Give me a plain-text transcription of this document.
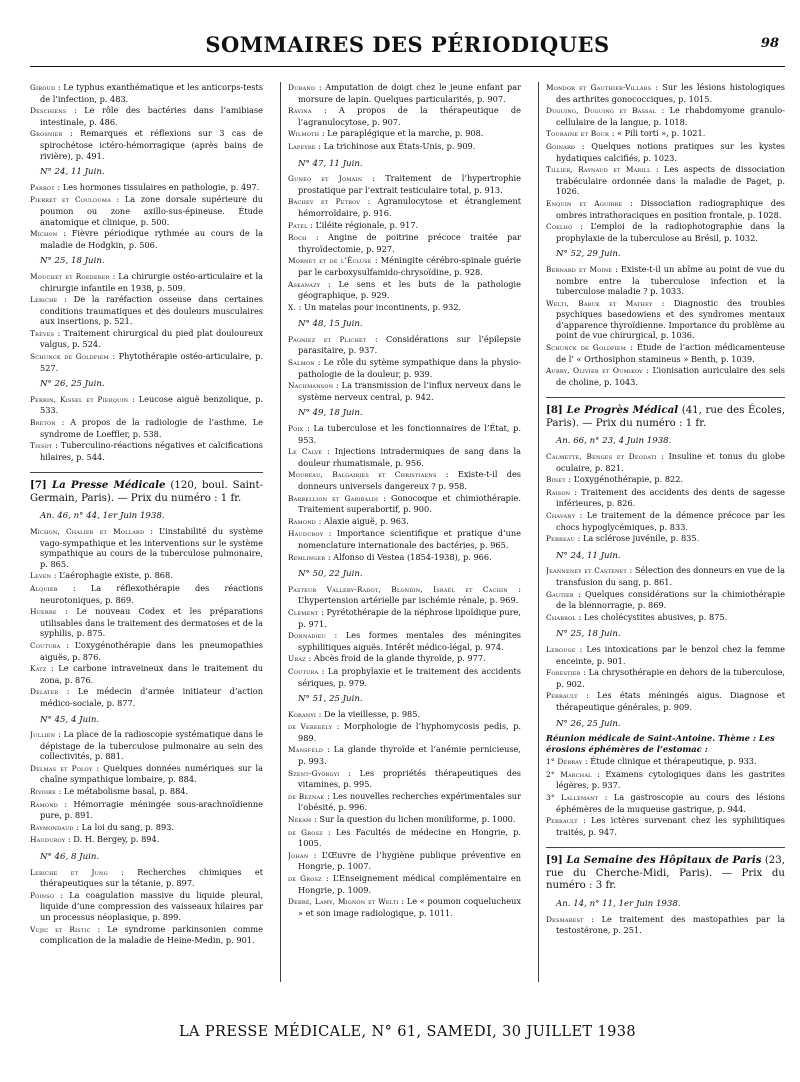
SOMMAIRES DES PÉRIODIQUES	98
Giroud : Le typhus exanthématique et les anticorps-tests de l’infection, p. 483.
Deschiens : Le rôle des bactéries dans l’amibiase intestinale, p. 486.
Grosnier : Remarques et réflexions sur 3 cas de spirochétose ictéro-hémorragique (après bains de rivière), p. 491.
N° 24, 11 Juin.
Parrot : Les hormones tissulaires en pathologie, p. 497.
Pierret et Coulouma : La zone dorsale supérieure du poumon ou zone axillo-sus-épineuse. Étude anatomique et clinique, p. 500.
Michon : Fièvre périodique rythmée au cours de la maladie de Hodgkin, p. 506.
N° 25, 18 Juin.
Mouchet et Roederer : La chirurgie ostéo-articulaire et la chirurgie infantile en 1938, p. 509.
Leriche : De la raréfaction osseuse dans certaines conditions traumatiques et des douleurs musculaires aux insertions, p. 521.
Trèves : Traitement chirurgical du pied plat douloureux valgus, p. 524.
Schunck de Goldfiem : Phytothérapie ostéo-articulaire, p. 527.
N° 26, 25 Juin.
Perrin, Kissel et Pierquin : Leucose aiguë benzolique, p. 533.
Breton : A propos de la radiologie de l’asthme. Le syndrome de Loeffler, p. 538.
Tissot : Tuberculino-réactions négatives et calcifications hilaires, p. 544.
[7] La Presse Médicale (120, boul. Saint-Germain, Paris). — Prix du numéro : 1 fr.
An. 46, n° 44, 1er Juin 1938.
Michon, Chalier et Mollard : L’instabilité du système vago-sympathique et les interventions sur le système sympathique au cours de la tuberculose pulmonaire, p. 865.
Leven : L’aérophagie existe, p. 868.
Alquier : La réflexothérapie des réactions neurotoniques, p. 869.
Huerre : Le nouveau Codex et les préparations utilisables dans le traitement des dermatoses et de la syphilis, p. 875.
Coutura : L’oxygénothérapie dans les pneumopathies aiguës, p. 876.
Katz : Le carbone intraveineux dans le traitement du zona, p. 876.
Delater : Le médecin d’armée initiateur d’action médico-sociale, p. 877.
N° 45, 4 Juin.
Jullien : La place de la radioscopie systématique dans le dépistage de la tuberculose pulmonaire au sein des collectivités, p. 881.
Delmas et Poloy : Quelques données numériques sur la chaîne sympathique lombaire, p. 884.
Rivoire : Le métabolisme basal, p. 884.
Ramond : Hémorragie méningée sous-arachnoïdienne pure, p. 891.
Raymondaud : La loi du sang, p. 893.
Hauduroy : D. H. Bergey, p. 894.
N° 46, 8 Juin.
Leriche et Jung : Recherches chimiques et thérapeutiques sur la tétanie, p. 897.
Poinso : La coagulation massive du liquide pleural, liquide d’une compression des vaisseaux hilaires par un processus néoplasique, p. 899.
Vujic et Ristic : Le syndrome parkinsonien comme complication de la maladie de Heine-Medin, p. 901.
Durand : Amputation de doigt chez le jeune enfant par morsure de lapin. Quelques particularités, p. 907.
Ravina : A propos de la thérapeutique de l’agranulocytose, p. 907.
Wilmoth : Le paraplégique et la marche, p. 908.
Lapeyre : La trichinose aux États-Unis, p. 909.
N° 47, 11 Juin.
Gunéo et Jomain : Traitement de l’hypertrophie prostatique par l’extrait testiculaire total, p. 913.
Bachev et Petrov : Agranulocytose et étranglement hémorroïdaire, p. 916.
Patel : L’iléite régionale, p. 917.
Roch : Angine de poitrine précoce traitée par thyroïdectomie, p. 927.
Mornet et de l’Écluse : Méningite cérébro-spinale guérie par le carboxysulfamido-chrysoïdine, p. 928.
Askanazy : Le sens et les buts de la pathologie géographique, p. 929.
X. : Un matelas pour incontinents, p. 932.
N° 48, 15 Juin.
Pagniez et Plichet : Considérations sur l’épilepsie parasitaire, p. 937.
Salmon : Le rôle du sytème sympathique dans la physio-pathologie de la douleur, p. 939.
Nachmanson : La transmission de l’influx nerveux dans le système nerveux central, p. 942.
N° 49, 18 Juin.
Poix : La tuberculose et les fonctionnaires de l’État, p. 953.
Le Calvé : Injections intradermiques de sang dans la douleur rhumatismale, p. 956.
Moureau, Balgairies et Christiaens : Existe-t-il des donneurs universels dangereux ? p. 958.
Barbellion et Garibaldi : Gonocoque et chimiothérapie. Traitement superabortif, p. 900.
Ramond : Alaxie aiguë, p. 963.
Hauduroy : Importance scientifique et pratique d’une nomenclature internationale des bactéries, p. 965.
Remlinger : Alfonso di Vestea (1854-1938), p. 966.
N° 50, 22 Juin.
Pasteur Vallery-Radot, Blondin, Israël et Cachin : L’hypertension artérielle par ischémie rénale, p. 969.
Clément : Pyrétothérapie de la néphrose lipoïdique pure, p. 971.
Donnadieu : Les formes mentales des méningites syphilitiques aiguës. Intérêt médico-légal, p. 974.
Uraz : Abcès froid de la glande thyroïde, p. 977.
Coutura : La prophylaxie et le traitement des accidents sériques, p. 979.
N° 51, 25 Juin.
Koranyi : De la vieillesse, p. 985.
de Vereбély : Morphologie de l’hyphomycosis pedis, p. 989.
Mansfeld : La glande thyroïde et l’anémie pernicieuse, p. 993.
Szent-Györgyi : Les propriétés thérapeutiques des vitamines, p. 995.
de Beznak : Les nouvelles recherches expérimentales sur l’obésité, p. 996.
Nékam : Sur la question du lichen moniliforme, p. 1000.
de Grosz : Les Facultés de médecine en Hongrie, p. 1005.
Johan : L’Œuvre de l’hygiène publique préventive en Hongrie, p. 1007.
de Grosz : L’Enseignement médical complémentaire en Hongrie, p. 1009.
Debré, Lamy, Mignon et Welti : Le « poumon coquelucheux » et son image radiologique, p. 1011.
Mondor et Gauthier-Villars : Sur les lésions histologiques des arthrites gonococciques, p. 1015.
Duguing, Duguing et Bassal : Le rhabdomyome granulo-cellulaire de la langue, p. 1018.
Touraine et Bour : « Pili torti », p. 1021.
Goinard : Quelques notions pratiques sur les kystes hydatiques calcifiés, p. 1023.
Tillier, Raynaud et Marill : Les aspects de dissociation trabéculaire ordonnée dans la maladie de Paget, p. 1026.
Enquin et Aguirre : Dissociation radiographique des ombres intrathoraciques en position frontale, p. 1028.
Coelho : L’emploi de la radiophotographie dans la prophylaxie de la tuberculose au Brésil, p. 1032.
N° 52, 29 Juin.
Bernard et Moine : Existe-t-il un abîme au point de vue du nombre entre la tuberculose infection et la tuberculose maladie ? p. 1033.
Welti, Baruk et Mathey : Diagnostic des troubles psychiques basedowiens et des syndromes mentaux d’apparence thyroïdienne. Importance du problème au point de vue chirurgical, p. 1036.
Schunck de Goldfiem : Étude de l’action médicamenteuse de l’ « Orthosiphon stamineus » Benth, p. 1039.
Aubry, Olivier et Oumikov : L’ionisation auriculaire des sels de choline, p. 1043.
[8] Le Progrès Médical (41, rue des Écoles, Paris). — Prix du numéro : 1 fr.
An. 66, n° 23, 4 Juin 1938.
Calmette, Benges et Deodati : Insuline et tonus du globe oculaire, p. 821.
Binet : L’oxygénothérapie, p. 822.
Raison : Traitement des accidents des dents de sagesse inférieures, p. 826.
Chavany : Le traitement de la démence précoce par les chocs hypoglycémiques, p. 833.
Perreau : La sclérose juvénile, p. 835.
N° 24, 11 Juin.
Jeanneney et Castenet : Sélection des donneurs en vue de la transfusion du sang, p. 861.
Gautier : Quelques considérations sur la chimiothérapie de la blennorragie, p. 869.
Chabrol : Les cholécystites abusives, p. 875.
N° 25, 18 Juin.
Lerouge : Les intoxications par le benzol chez la femme enceinte, p. 901.
Forestier : La chrysothérapie en dehors de la tuberculose, p. 902.
Perrault : Les états méningés aigus. Diagnose et thérapeutique générales, p. 909.
N° 26, 25 Juin.
Réunion médicale de Saint-Antoine. Thème : Les érosions éphémères de l’estomac :
1° Debray : Étude clinique et thérapeutique, p. 933.
2° Marchal : Examens cytologiques dans les gastrites légères, p. 937.
3° Lallemant : La gastroscopie au cours des lésions éphémères de la muqueuse gastrique, p. 944.
Perrault : Les ictères survenant chez les syphilitiques traités, p. 947.
[9] La Semaine des Hôpitaux de Paris (23, rue du Cherche-Midi, Paris). — Prix du numéro : 3 fr.
An. 14, n° 11, 1er Juin 1938.
Desmarest : Le traitement des mastopathies par la testostérone, p. 251.
LA PRESSE MÉDICALE, N° 61, SAMEDI, 30 JUILLET 1938
